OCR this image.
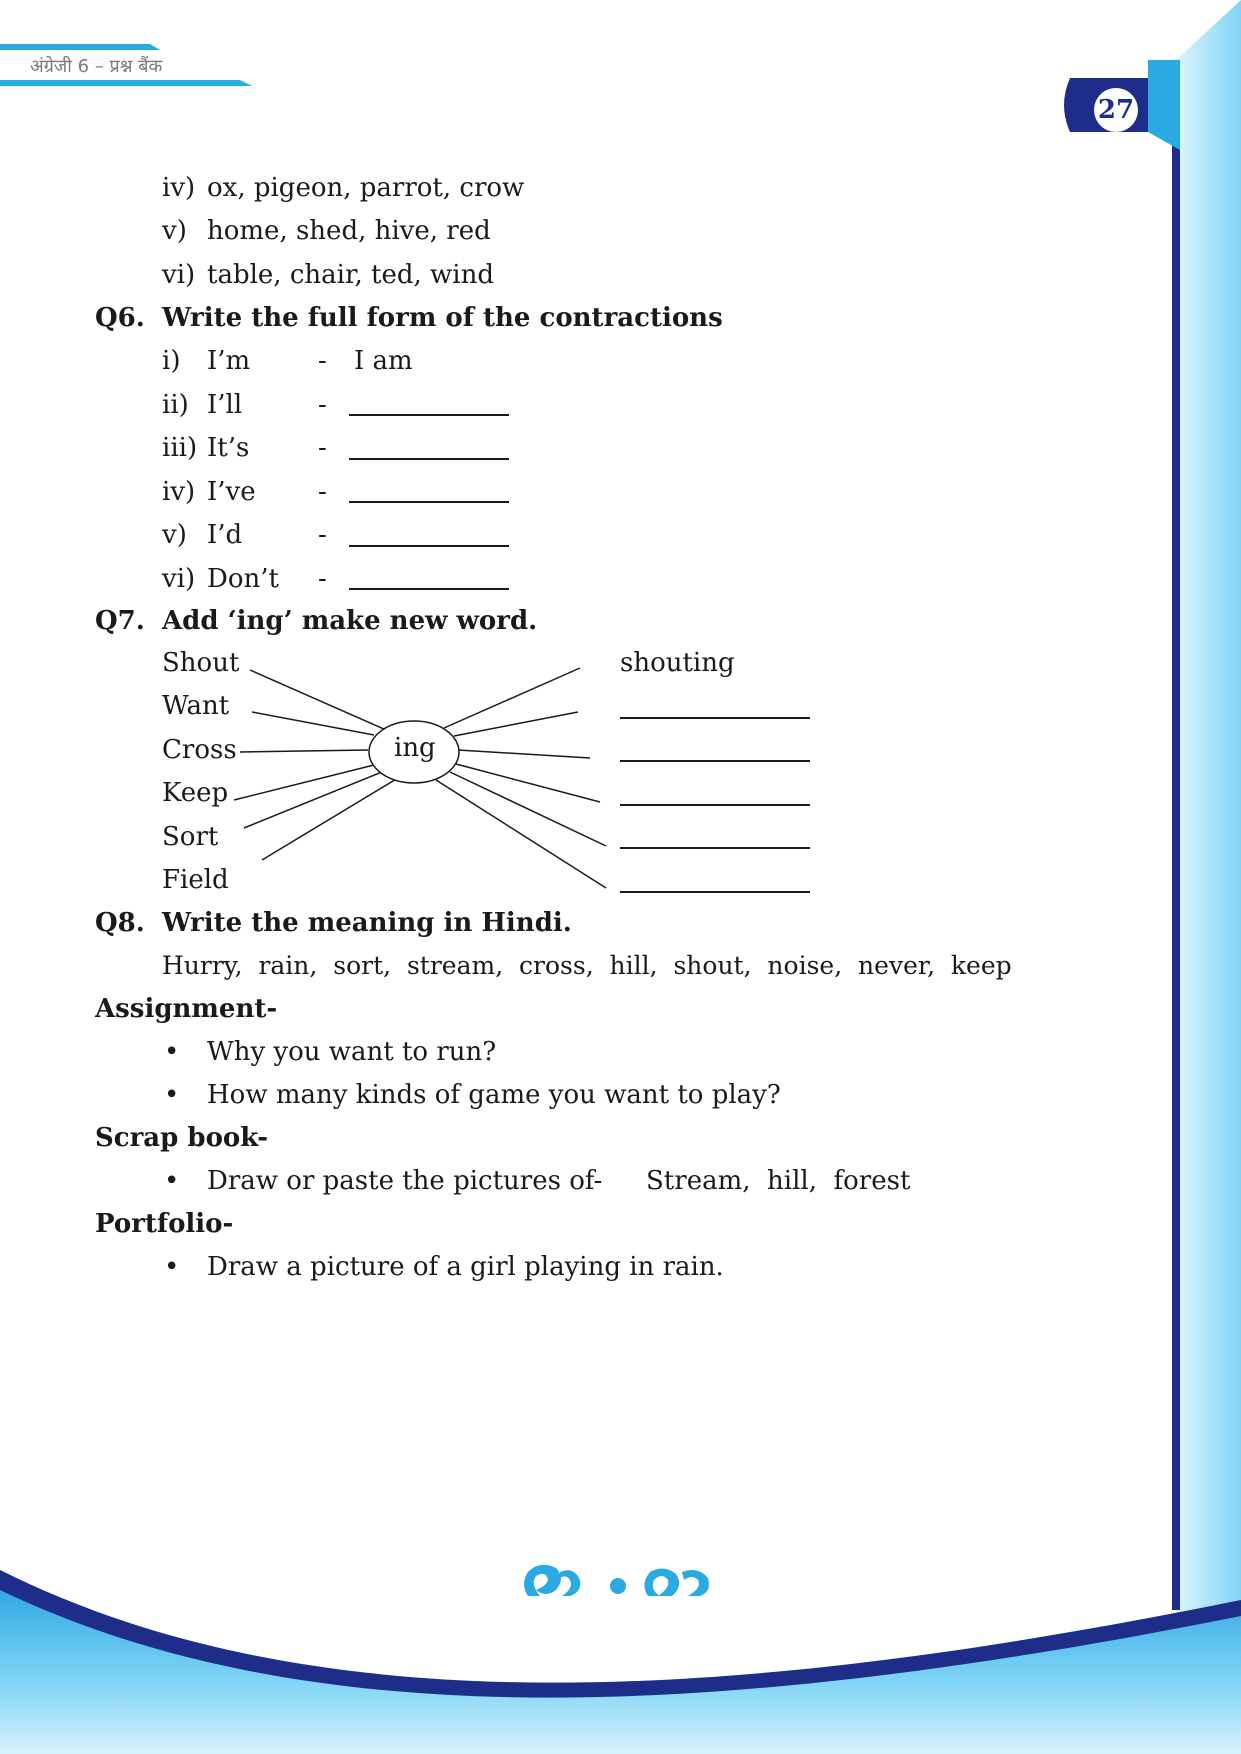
अंग्रेजी 6 – प्रश्न बैंक
27
iv) ox, pigeon, parrot, crow
v) home, shed, hive, red
vi) table, chair, ted, wind
Q6. Write the full form of the contractions
i) I’m	- I am
ii) I’ll	-
iii) It’s	-
iv) I’ve -
v) I’d	-
vi) Don’t -
Q7. Add ‘ing’ make new word.
ing
Shout
Want
Cross
Keep
Sort
Field
shouting
Q8. Write the meaning in Hindi.
Hurry,  rain,  sort,  stream,  cross,  hill,  shout,  noise,  never,  keep
Assignment-
• Why you want to run?
• How many kinds of game you want to play?
Scrap book-
• Draw or paste the pictures of- Stream,  hill,  forest
Portfolio-
• Draw a picture of a girl playing in rain.
